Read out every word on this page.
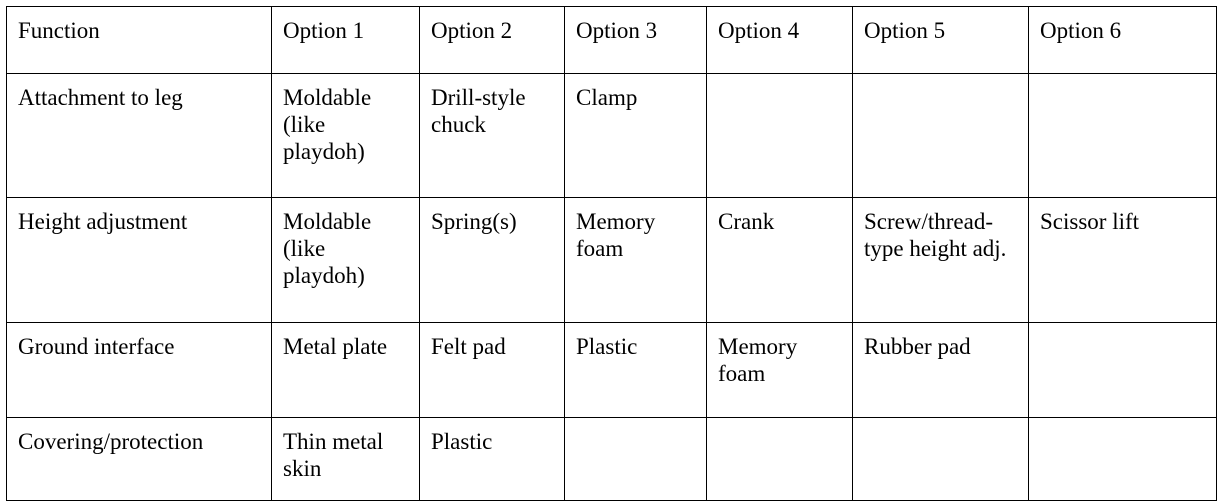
Function	Option 1	Option 2	Option 3	Option 4	Option 5	Option 6

Attachment to leg	Moldable (like playdoh)	Drill-style chuck	Clamp			

Height adjustment	Moldable (like playdoh)	Spring(s)	Memory foam	Crank	Screw/thread-type height adj.	Scissor lift

Ground interface	Metal plate	Felt pad	Plastic	Memory foam	Rubber pad	

Covering/protection	Thin metal skin	Plastic				
